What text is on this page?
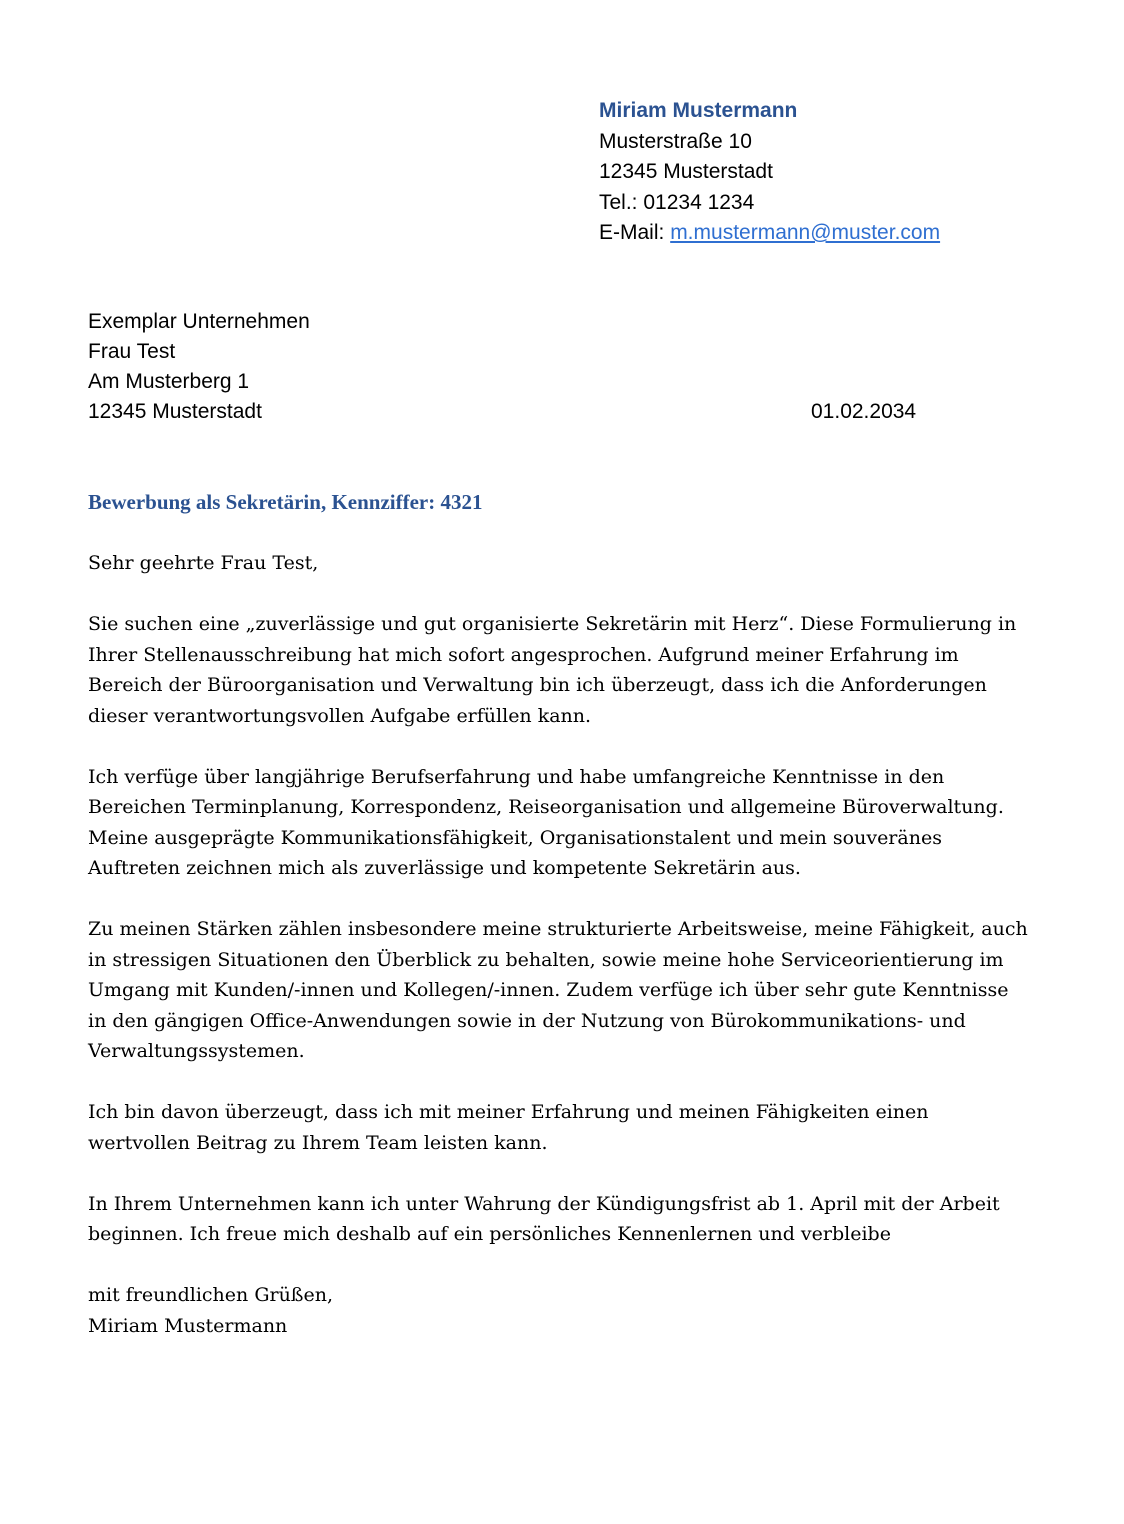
Miriam Mustermann
Musterstraße 10
12345 Musterstadt
Tel.: 01234 1234
E-Mail: m.mustermann@muster.com
Exemplar Unternehmen
Frau Test
Am Musterberg 1
12345 Musterstadt	01.02.2034
Bewerbung als Sekretärin, Kennziffer: 4321

Sehr geehrte Frau Test,

Sie suchen eine „zuverlässige und gut organisierte Sekretärin mit Herz“. Diese Formulierung in
Ihrer Stellenausschreibung hat mich sofort angesprochen. Aufgrund meiner Erfahrung im
Bereich der Büroorganisation und Verwaltung bin ich überzeugt, dass ich die Anforderungen
dieser verantwortungsvollen Aufgabe erfüllen kann.

Ich verfüge über langjährige Berufserfahrung und habe umfangreiche Kenntnisse in den
Bereichen Terminplanung, Korrespondenz, Reiseorganisation und allgemeine Büroverwaltung.
Meine ausgeprägte Kommunikationsfähigkeit, Organisationstalent und mein souveränes
Auftreten zeichnen mich als zuverlässige und kompetente Sekretärin aus.

Zu meinen Stärken zählen insbesondere meine strukturierte Arbeitsweise, meine Fähigkeit, auch
in stressigen Situationen den Überblick zu behalten, sowie meine hohe Serviceorientierung im
Umgang mit Kunden/-innen und Kollegen/-innen. Zudem verfüge ich über sehr gute Kenntnisse
in den gängigen Office-Anwendungen sowie in der Nutzung von Bürokommunikations- und
Verwaltungssystemen.

Ich bin davon überzeugt, dass ich mit meiner Erfahrung und meinen Fähigkeiten einen
wertvollen Beitrag zu Ihrem Team leisten kann.

In Ihrem Unternehmen kann ich unter Wahrung der Kündigungsfrist ab 1. April mit der Arbeit
beginnen. Ich freue mich deshalb auf ein persönliches Kennenlernen und verbleibe

mit freundlichen Grüßen,
Miriam Mustermann
